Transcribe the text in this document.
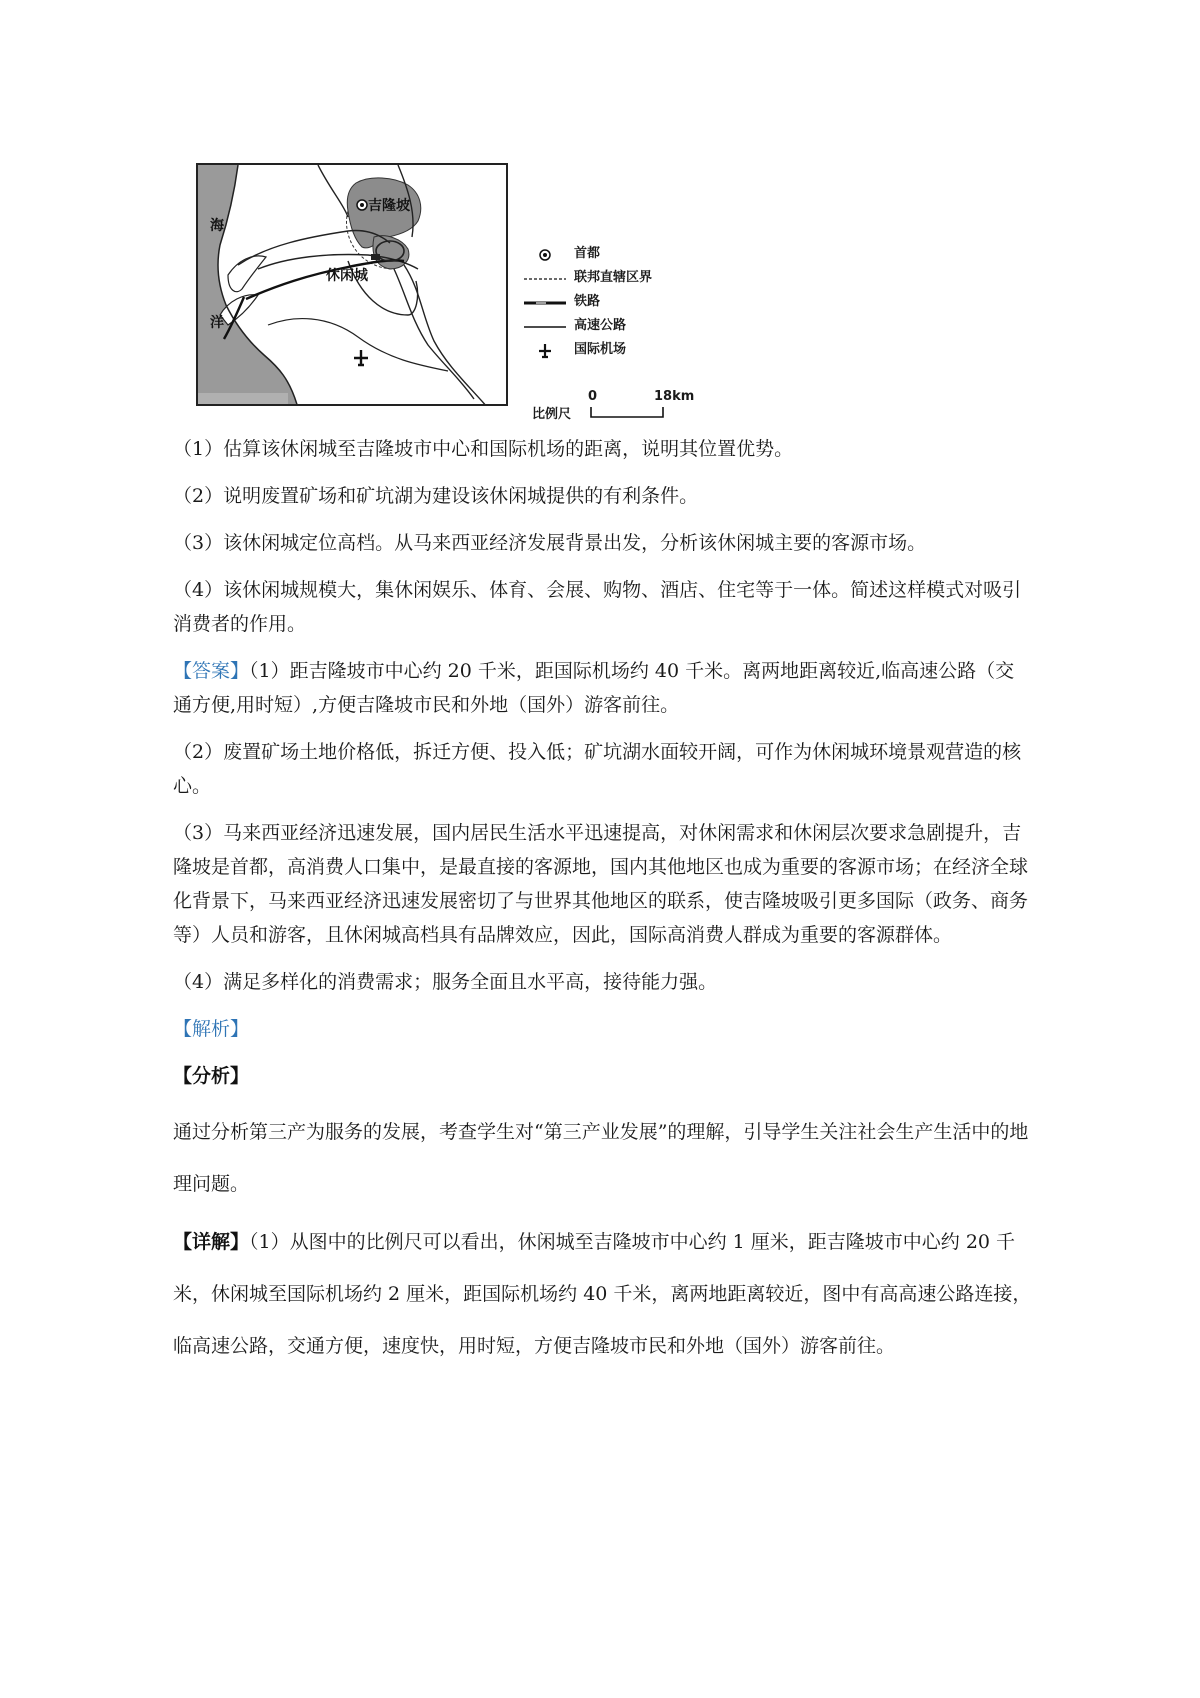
海
洋
吉隆坡
休闲城
首都
联邦直辖区界
铁路
高速公路
国际机场
比例尺
0	18km

（1）估算该休闲城至吉隆坡市中心和国际机场的距离，说明其位置优势。

（2）说明废置矿场和矿坑湖为建设该休闲城提供的有利条件。

（3）该休闲城定位高档。从马来西亚经济发展背景出发，分析该休闲城主要的客源市场。

（4）该休闲城规模大，集休闲娱乐、体育、会展、购物、酒店、住宅等于一体。简述这样模式对吸引消费者的作用。

【答案】（1）距吉隆坡市中心约 20 千米，距国际机场约 40 千米。离两地距离较近,临高速公路（交通方便,用时短）,方便吉隆坡市民和外地（国外）游客前往。

（2）废置矿场土地价格低，拆迁方便、投入低；矿坑湖水面较开阔，可作为休闲城环境景观营造的核心。

（3）马来西亚经济迅速发展，国内居民生活水平迅速提高，对休闲需求和休闲层次要求急剧提升，吉隆坡是首都，高消费人口集中，是最直接的客源地，国内其他地区也成为重要的客源市场；在经济全球化背景下，马来西亚经济迅速发展密切了与世界其他地区的联系，使吉隆坡吸引更多国际（政务、商务等）人员和游客，且休闲城高档具有品牌效应，因此，国际高消费人群成为重要的客源群体。

（4）满足多样化的消费需求；服务全面且水平高，接待能力强。

【解析】

【分析】

通过分析第三产为服务的发展，考查学生对“第三产业发展”的理解，引导学生关注社会生产生活中的地理问题。

【详解】（1）从图中的比例尺可以看出，休闲城至吉隆坡市中心约 1 厘米，距吉隆坡市中心约 20 千米，休闲城至国际机场约 2 厘米，距国际机场约 40 千米，离两地距离较近，图中有高高速公路连接，临高速公路，交通方便，速度快，用时短，方便吉隆坡市民和外地（国外）游客前往。
